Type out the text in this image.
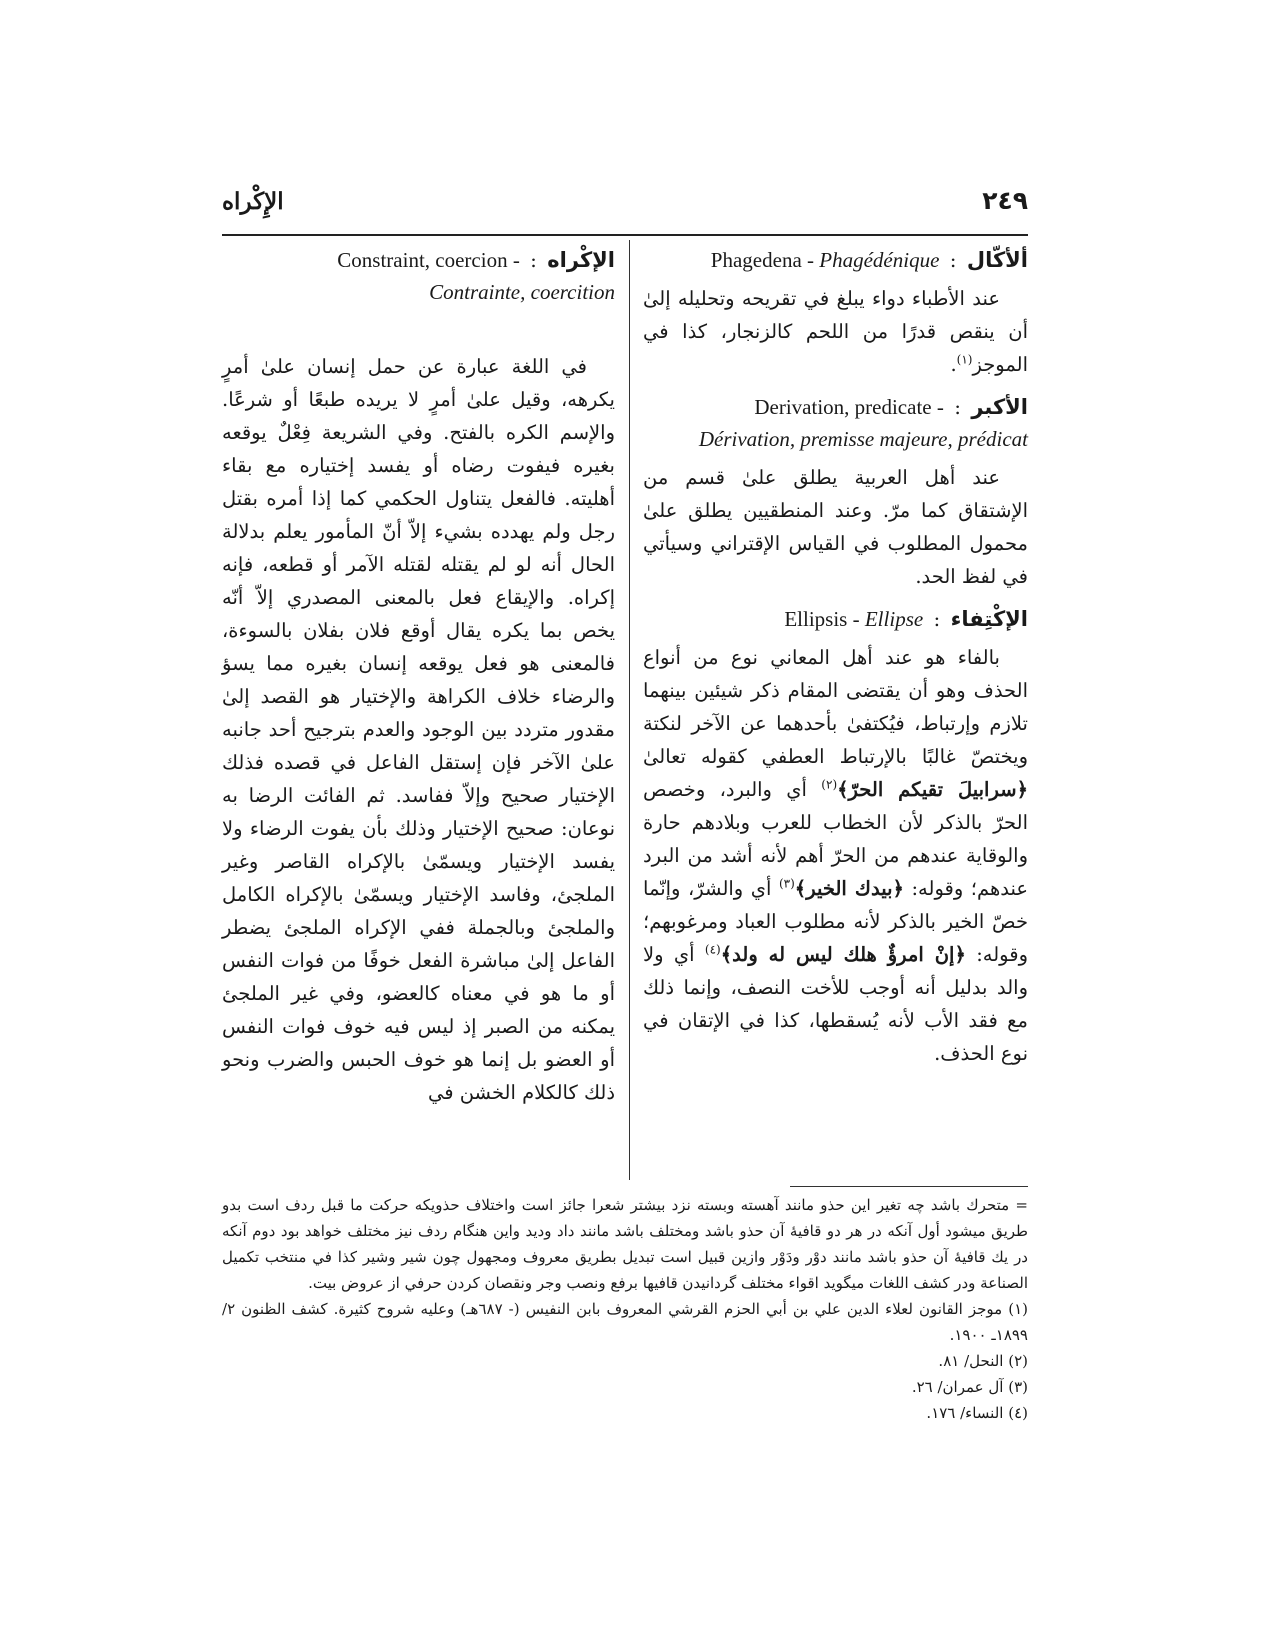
٢٤٩
الإِكْراه
ألأكّال : Phagedena - Phagédénique
عند الأطباء دواء يبلغ في تقريحه وتحليله إلىٰ أن ينقص قدرًا من اللحم كالزنجار، كذا في الموجز$^{(١)}$.
الأكبر : Derivation, predicate -
Dérivation, premisse majeure, prédicat
عند أهل العربية يطلق علىٰ قسم من الإشتقاق كما مرّ. وعند المنطقيين يطلق علىٰ محمول المطلوب في القياس الإقتراني وسيأتي في لفظ الحد.
الإكْتِفاء : Ellipsis - Ellipse
بالفاء هو عند أهل المعاني نوع من أنواع الحذف وهو أن يقتضى المقام ذكر شيئين بينهما تلازم وإرتباط، فيُكتفىٰ بأحدهما عن الآخر لنكتة ويختصّ غالبًا بالإرتباط العطفي كقوله تعالىٰ ﴿سرابيلَ تقيكم الحرّ﴾$^{(٢)}$ أي والبرد، وخصص الحرّ بالذكر لأن الخطاب للعرب وبلادهم حارة والوقاية عندهم من الحرّ أهم لأنه أشد من البرد عندهم؛ وقوله: ﴿بيدك الخير﴾$^{(٣)}$ أي والشرّ، وإنّما خصّ الخير بالذكر لأنه مطلوب العباد ومرغوبهم؛ وقوله: ﴿إنْ امرؤٌ هلك ليس له ولد﴾$^{(٤)}$ أي ولا والد بدليل أنه أوجب للأخت النصف، وإنما ذلك مع فقد الأب لأنه يُسقطها، كذا في الإتقان في نوع الحذف.
الإكْراه : Constraint, coercion -
Contrainte, coercition
في اللغة عبارة عن حمل إنسان علىٰ أمرٍ يكرهه، وقيل علىٰ أمرٍ لا يريده طبعًا أو شرعًا. والإسم الكره بالفتح. وفي الشريعة فِعْلٌ يوقعه بغيره فيفوت رضاه أو يفسد إختياره مع بقاء أهليته. فالفعل يتناول الحكمي كما إذا أمره بقتل رجل ولم يهدده بشيء إلاّ أنّ المأمور يعلم بدلالة الحال أنه لو لم يقتله لقتله الآمر أو قطعه، فإنه إكراه. والإيقاع فعل بالمعنى المصدري إلاّ أنّه يخص بما يكره يقال أوقع فلان بفلان بالسوءة، فالمعنى هو فعل يوقعه إنسان بغيره مما يسؤ والرضاء خلاف الكراهة والإختيار هو القصد إلىٰ مقدور متردد بين الوجود والعدم بترجيح أحد جانبه علىٰ الآخر فإن إستقل الفاعل في قصده فذلك الإختيار صحيح وإلاّ ففاسد. ثم الفائت الرضا به نوعان: صحيح الإختيار وذلك بأن يفوت الرضاء ولا يفسد الإختيار ويسمّىٰ بالإكراه القاصر وغير الملجئ، وفاسد الإختيار ويسمّىٰ بالإكراه الكامل والملجئ وبالجملة ففي الإكراه الملجئ يضطر الفاعل إلىٰ مباشرة الفعل خوفًا من فوات النفس أو ما هو في معناه كالعضو، وفي غير الملجئ يمكنه من الصبر إذ ليس فيه خوف فوات النفس أو العضو بل إنما هو خوف الحبس والضرب ونحو ذلك كالكلام الخشن في

= متحرك باشد چه تغير اين حذو مانند آهسته وبسته نزد بيشتر شعرا جائز است واختلاف حذويكه حركت ما قبل ردف است بدو طريق ميشود أول آنكه در هر دو قافيۀ آن حذو باشد ومختلف باشد مانند داد وديد واين هنگام ردف نيز مختلف خواهد بود دوم آنكه در يك قافيۀ آن حذو باشد مانند دوْر ودَوْر وازين قبيل است تبديل بطريق معروف ومجهول چون شير وشير كذا في منتخب تكميل الصناعة ودر كشف اللغات ميگويد اقواء مختلف گردانيدن قافيها برفع ونصب وجر ونقصان كردن حرفي از عروض بيت.

(١) موجز القانون لعلاء الدين علي بن أبي الحزم القرشي المعروف بابن النفيس (- ٦٨٧هـ) وعليه شروح كثيرة. كشف الظنون ٢/ ١٨٩٩ـ ١٩٠٠.

(٢) النحل/ ٨١.

(٣) آل عمران/ ٢٦.

(٤) النساء/ ١٧٦.
